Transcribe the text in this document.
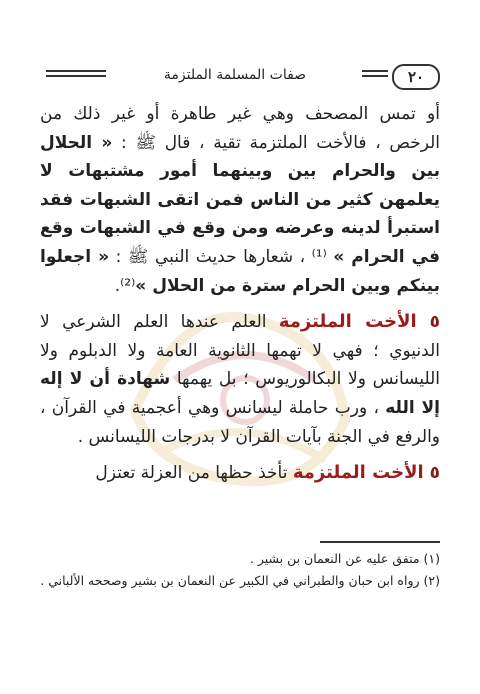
٢٠
صفات المسلمة الملتزمة

أو تمس المصحف وهي غير طاهرة أو غير ذلك من الرخص ، فالأخت الملتزمة تقية ، قال ﷺ : « الحلال بين والحرام بين وبينهما أمور مشتبهات لا يعلمهن كثير من الناس فمن اتقى الشبهات فقد استبرأ لدينه وعرضه ومن وقع في الشبهات وقع في الحرام » ⁽¹⁾ ، شعارها حديث النبي ﷺ : « اجعلوا بينكم وبين الحرام سترة من الحلال »⁽²⁾.

٥ الأخت الملتزمة العلم عندها العلم الشرعي لا الدنيوي ؛ فهي لا تهمها الثانوية العامة ولا الدبلوم ولا الليسانس ولا البكالوريوس ؛ بل يهمها شهادة أن لا إله إلا الله ، ورب حاملة ليسانس وهي أعجمية في القرآن ، والرفع في الجنة بآيات القرآن لا بدرجات الليسانس .

٥ الأخت الملتزمة تأخذ حظها من العزلة تعتزل

(١) متفق عليه عن النعمان بن بشير .

(٢) رواه ابن حبان والطبراني في الكبير عن النعمان بن بشير وصححه الألباني .
